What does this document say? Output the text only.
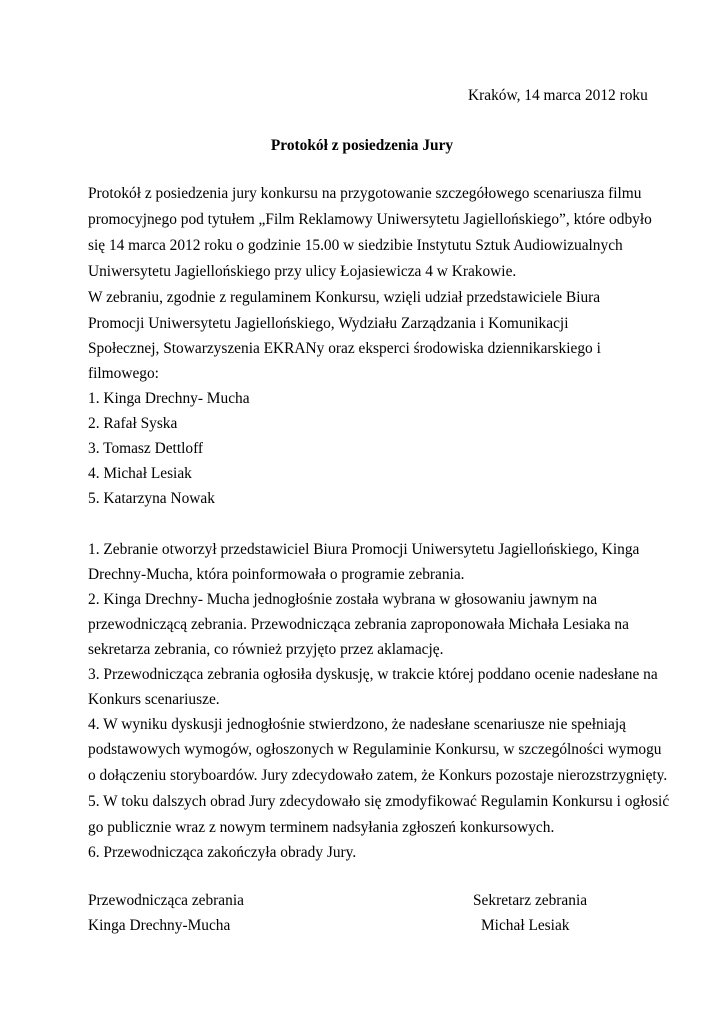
Kraków, 14 marca 2012 roku
Protokół z posiedzenia Jury
Protokół z posiedzenia jury konkursu na przygotowanie szczegółowego scenariusza filmu
promocyjnego pod tytułem „Film Reklamowy Uniwersytetu Jagiellońskiego”, które odbyło
się 14 marca 2012 roku o godzinie 15.00 w siedzibie Instytutu Sztuk Audiowizualnych
Uniwersytetu Jagiellońskiego przy ulicy Łojasiewicza 4 w Krakowie.
W zebraniu, zgodnie z regulaminem Konkursu, wzięli udział przedstawiciele Biura
Promocji Uniwersytetu Jagiellońskiego, Wydziału Zarządzania i Komunikacji
Społecznej, Stowarzyszenia EKRANy oraz eksperci środowiska dziennikarskiego i
filmowego:
1. Kinga Drechny- Mucha
2. Rafał Syska
3. Tomasz Dettloff
4. Michał Lesiak
5. Katarzyna Nowak
1. Zebranie otworzył przedstawiciel Biura Promocji Uniwersytetu Jagiellońskiego, Kinga
Drechny-Mucha, która poinformowała o programie zebrania.
2. Kinga Drechny- Mucha jednogłośnie została wybrana w głosowaniu jawnym na
przewodniczącą zebrania. Przewodnicząca zebrania zaproponowała Michała Lesiaka na
sekretarza zebrania, co również przyjęto przez aklamację.
3. Przewodnicząca zebrania ogłosiła dyskusję, w trakcie której poddano ocenie nadesłane na
Konkurs scenariusze.
4. W wyniku dyskusji jednogłośnie stwierdzono, że nadesłane scenariusze nie spełniają
podstawowych wymogów, ogłoszonych w Regulaminie Konkursu, w szczególności wymogu
o dołączeniu storyboardów. Jury zdecydowało zatem, że Konkurs pozostaje nierozstrzygnięty.
5. W toku dalszych obrad Jury zdecydowało się zmodyfikować Regulamin Konkursu i ogłosić
go publicznie wraz z nowym terminem nadsyłania zgłoszeń konkursowych.
6. Przewodnicząca zakończyła obrady Jury.
Przewodnicząca zebrania
Kinga Drechny-Mucha
Sekretarz zebrania
Michał Lesiak
